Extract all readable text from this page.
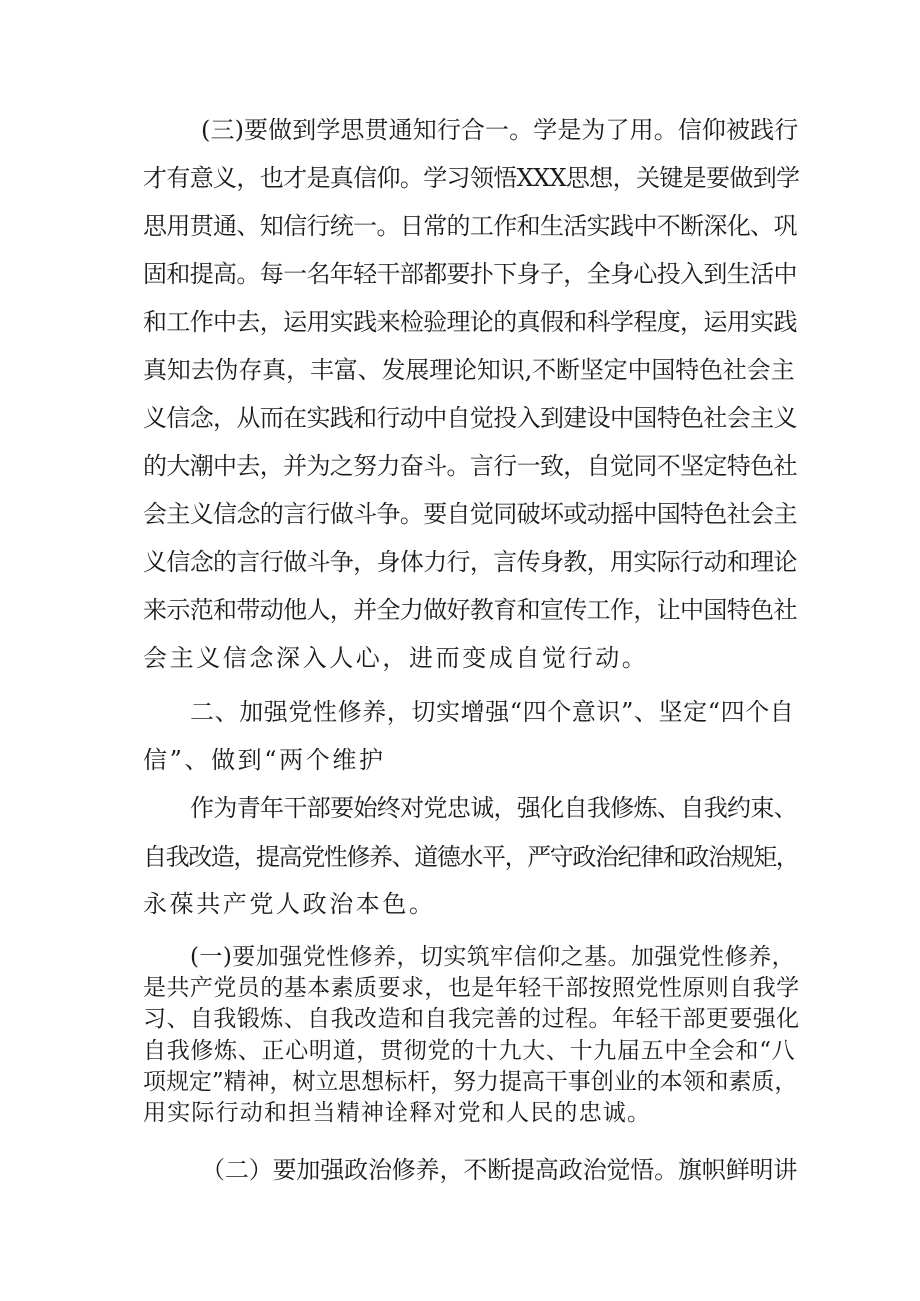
(三)要做到学思贯通知行合一。学是为了用。信仰被践行
才有意义，也才是真信仰。学习领悟XXX思想，关键是要做到学
思用贯通、知信行统一。日常的工作和生活实践中不断深化、巩
固和提高。每一名年轻干部都要扑下身子，全身心投入到生活中
和工作中去，运用实践来检验理论的真假和科学程度，运用实践
真知去伪存真，丰富、发展理论知识,不断坚定中国特色社会主
义信念，从而在实践和行动中自觉投入到建设中国特色社会主义
的大潮中去，并为之努力奋斗。言行一致，自觉同不坚定特色社
会主义信念的言行做斗争。要自觉同破坏或动摇中国特色社会主
义信念的言行做斗争，身体力行，言传身教，用实际行动和理论
来示范和带动他人，并全力做好教育和宣传工作，让中国特色社
会主义信念深入人心，进而变成自觉行动。
二、加强党性修养，切实增强“四个意识”、坚定“四个自
信”、做到“两个维护
作为青年干部要始终对党忠诚，强化自我修炼、自我约束、
自我改造，提高党性修养、道德水平，严守政治纪律和政治规矩，
永葆共产党人政治本色。
(一)要加强党性修养，切实筑牢信仰之基。加强党性修养，
是共产党员的基本素质要求，也是年轻干部按照党性原则自我学
习、自我锻炼、自我改造和自我完善的过程。年轻干部更要强化
自我修炼、正心明道，贯彻党的十九大、十九届五中全会和“八
项规定”精神，树立思想标杆，努力提高干事创业的本领和素质，
用实际行动和担当精神诠释对党和人民的忠诚。
（二）要加强政治修养，不断提高政治觉悟。旗帜鲜明讲
